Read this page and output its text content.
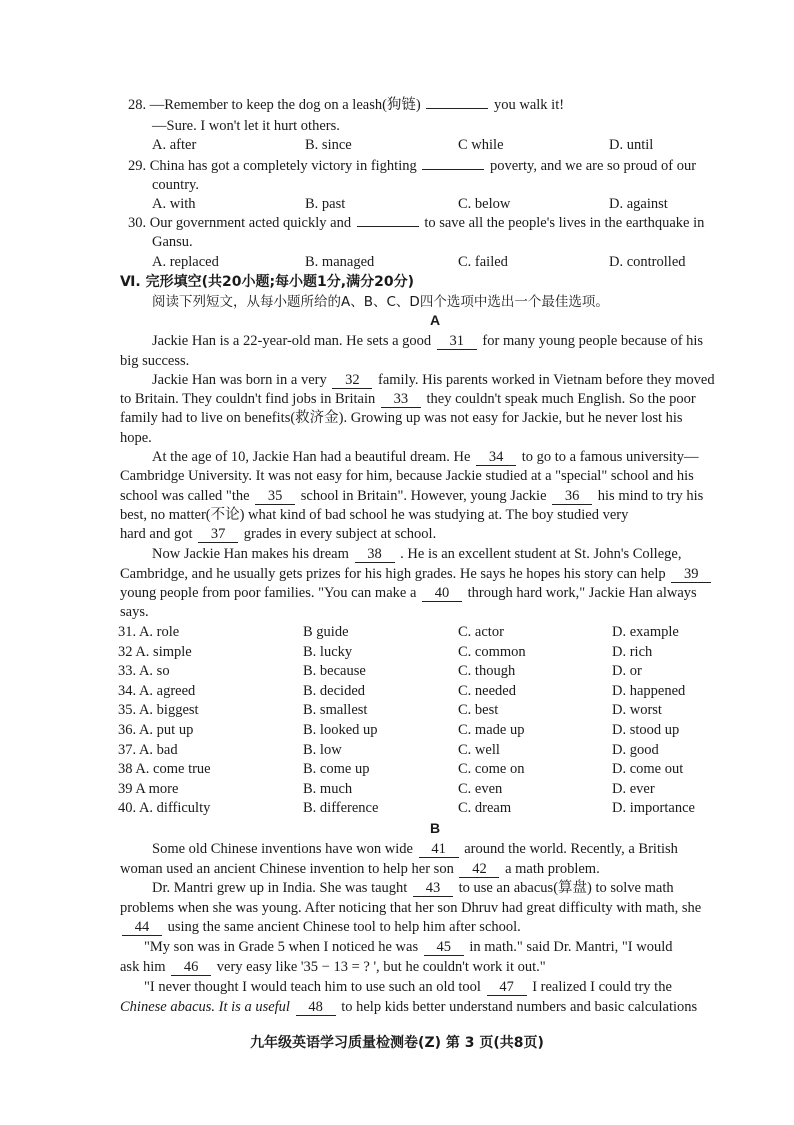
28. —Remember to keep the dog on a leash(狗链)	you walk it!
—Sure. I won't let it hurt others.
A. after	B. since	C while	D. until
29. China has got a completely victory in fighting	poverty, and we are so proud of our
country.
A. with	B. past	C. below	D. against
30. Our government acted quickly and	to save all the people's lives in the earthquake in
Gansu.
A. replaced	B. managed	C. failed	D. controlled
Ⅵ. 完形填空(共20小题;每小题1分,满分20分)
阅读下列短文，从每小题所给的A、B、C、D四个选项中选出一个最佳选项。
A
Jackie Han is a 22-year-old man. He sets a good 31 for many young people because of his
big success.
Jackie Han was born in a very 32 family. His parents worked in Vietnam before they moved
to Britain. They couldn't find jobs in Britain 33 they couldn't speak much English. So the poor
family had to live on benefits(救济金). Growing up was not easy for Jackie, but he never lost his
hope.
At the age of 10, Jackie Han had a beautiful dream. He 34 to go to a famous university—
Cambridge University. It was not easy for him, because Jackie studied at a "special" school and his
school was called "the 35 school in Britain". However, young Jackie 36 his mind to try his
best, no matter(不论) what kind of bad school he was studying at. The boy studied very
hard and got 37 grades in every subject at school.
Now Jackie Han makes his dream 38 . He is an excellent student at St. John's College,
Cambridge, and he usually gets prizes for his high grades. He says he hopes his story can help 39
young people from poor families. "You can make a 40 through hard work," Jackie Han always
says.
31. A. role	B guide	C. actor	D. example
32 A. simple	B. lucky	C. common	D. rich
33. A. so	B. because	C. though	D. or
34. A. agreed	B. decided	C. needed	D. happened
35. A. biggest	B. smallest	C. best	D. worst
36. A. put up	B. looked up	C. made up	D. stood up
37. A. bad	B. low	C. well	D. good
38 A. come true	B. come up	C. come on	D. come out
39 A more	B. much	C. even	D. ever
40. A. difficulty	B. difference	C. dream	D. importance
B
Some old Chinese inventions have won wide 41 around the world. Recently, a British
woman used an ancient Chinese invention to help her son 42 a math problem.
Dr. Mantri grew up in India. She was taught 43 to use an abacus(算盘) to solve math
problems when she was young. After noticing that her son Dhruv had great difficulty with math, she
44 using the same ancient Chinese tool to help him after school.
"My son was in Grade 5 when I noticed he was 45 in math." said Dr. Mantri, "I would
ask him 46 very easy like '35 − 13 = ? ', but he couldn't work it out."
"I never thought I would teach him to use such an old tool 47 I realized I could try the
Chinese abacus. It is a useful 48 to help kids better understand numbers and basic calculations
九年级英语学习质量检测卷(Z) 第 3 页(共8页)
